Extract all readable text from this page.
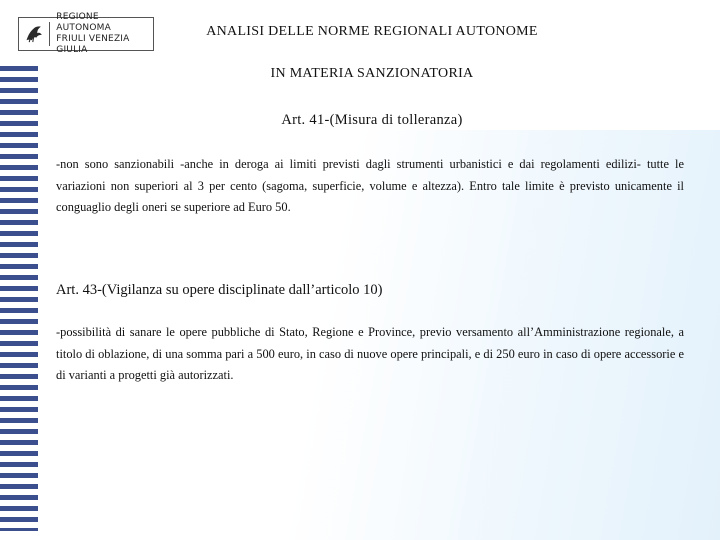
REGIONE AUTONOMA
FRIULI VENEZIA GIULIA
ANALISI DELLE NORME REGIONALI AUTONOME
IN MATERIA SANZIONATORIA
Art. 41-(Misura di tolleranza)
-non sono sanzionabili -anche in deroga ai limiti previsti dagli strumenti urbanistici e dai regolamenti edilizi- tutte le variazioni non superiori al 3 per cento (sagoma, superficie, volume e altezza). Entro tale limite è previsto unicamente il conguaglio degli oneri se superiore ad Euro 50.
Art. 43-(Vigilanza su opere disciplinate dall’articolo 10)
-possibilità di sanare le opere pubbliche di Stato, Regione e Province, previo versamento all’Amministrazione regionale, a titolo di oblazione, di una somma pari a 500 euro, in caso di nuove opere principali, e di 250 euro in caso di opere accessorie e di varianti a progetti già autorizzati.
